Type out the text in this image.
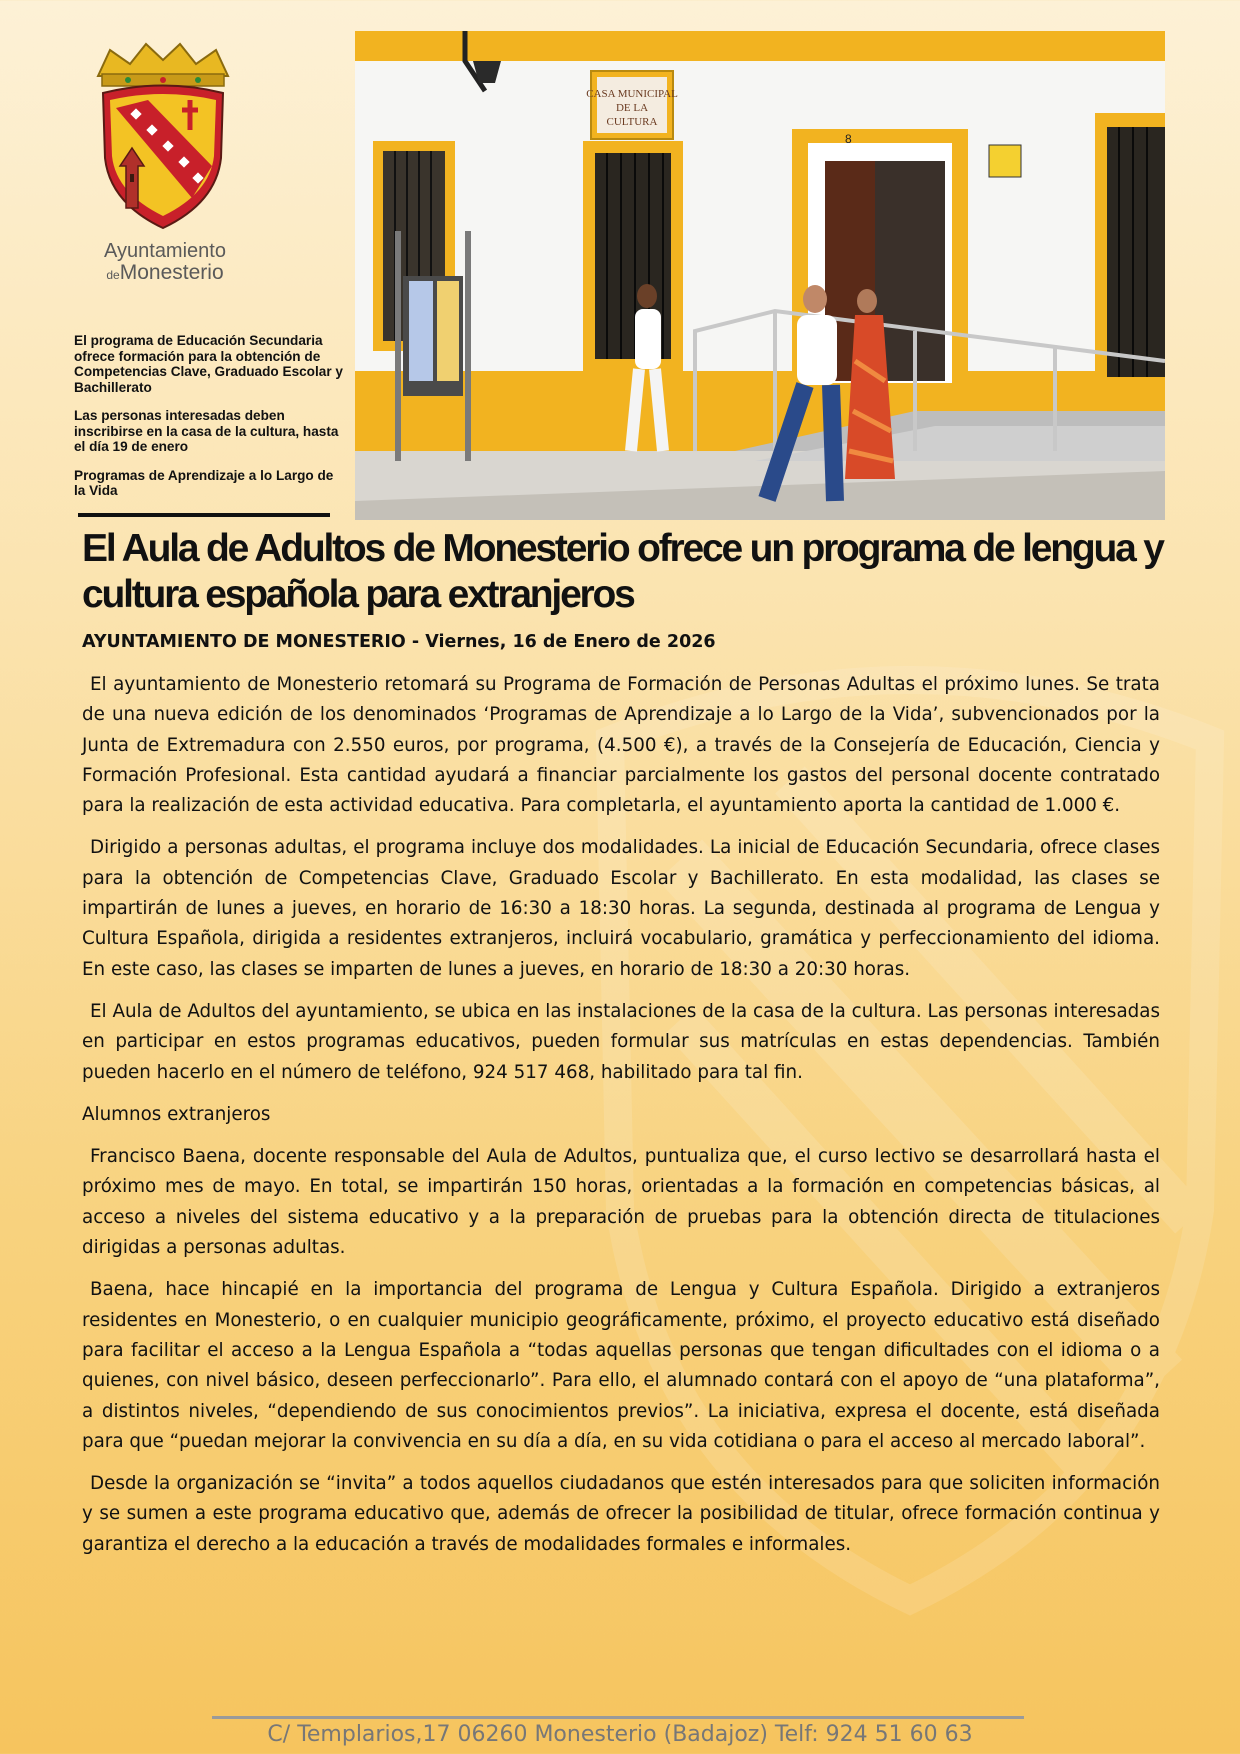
Ayuntamiento
deMonesterio

El programa de Educación Secundaria ofrece formación para la obtención de Competencias Clave, Graduado Escolar y Bachillerato

Las personas interesadas deben inscribirse en la casa de la cultura, hasta el día 19 de enero

Programas de Aprendizaje a lo Largo de la Vida

CASA MUNICIPAL
DE LA
CULTURA
8
El Aula de Adultos de Monesterio ofrece un programa de lengua y cultura española para extranjeros

AYUNTAMIENTO DE MONESTERIO - Viernes, 16 de Enero de 2026

El ayuntamiento de Monesterio retomará su Programa de Formación de Personas Adultas el próximo lunes. Se trata de una nueva edición de los denominados ‘Programas de Aprendizaje a lo Largo de la Vida’, subvencionados por la Junta de Extremadura con 2.550 euros, por programa, (4.500 €), a través de la Consejería de Educación, Ciencia y Formación Profesional. Esta cantidad ayudará a financiar parcialmente los gastos del personal docente contratado para la realización de esta actividad educativa. Para completarla, el ayuntamiento aporta la cantidad de 1.000 €.

Dirigido a personas adultas, el programa incluye dos modalidades. La inicial de Educación Secundaria, ofrece clases para la obtención de Competencias Clave, Graduado Escolar y Bachillerato. En esta modalidad, las clases se impartirán de lunes a jueves, en horario de 16:30 a 18:30 horas. La segunda, destinada al programa de Lengua y Cultura Española, dirigida a residentes extranjeros, incluirá vocabulario, gramática y perfeccionamiento del idioma. En este caso, las clases se imparten de lunes a jueves, en horario de 18:30 a 20:30 horas.

El Aula de Adultos del ayuntamiento, se ubica en las instalaciones de la casa de la cultura. Las personas interesadas en participar en estos programas educativos, pueden formular sus matrículas en estas dependencias. También pueden hacerlo en el número de teléfono, 924 517 468, habilitado para tal fin.

Alumnos extranjeros

Francisco Baena, docente responsable del Aula de Adultos, puntualiza que, el curso lectivo se desarrollará hasta el próximo mes de mayo. En total, se impartirán 150 horas, orientadas a la formación en competencias básicas, al acceso a niveles del sistema educativo y a la preparación de pruebas para la obtención directa de titulaciones dirigidas a personas adultas.

Baena, hace hincapié en la importancia del programa de Lengua y Cultura Española. Dirigido a extranjeros residentes en Monesterio, o en cualquier municipio geográficamente, próximo, el proyecto educativo está diseñado para facilitar el acceso a la Lengua Española a “todas aquellas personas que tengan dificultades con el idioma o a quienes, con nivel básico, deseen perfeccionarlo”. Para ello, el alumnado contará con el apoyo de “una plataforma”, a distintos niveles, “dependiendo de sus conocimientos previos”. La iniciativa, expresa el docente, está diseñada para que “puedan mejorar la convivencia en su día a día, en su vida cotidiana o para el acceso al mercado laboral”.

Desde la organización se “invita” a todos aquellos ciudadanos que estén interesados para que soliciten información y se sumen a este programa educativo que, además de ofrecer la posibilidad de titular, ofrece formación continua y garantiza el derecho a la educación a través de modalidades formales e informales.

C/ Templarios,17 06260 Monesterio (Badajoz) Telf: 924 51 60 63
